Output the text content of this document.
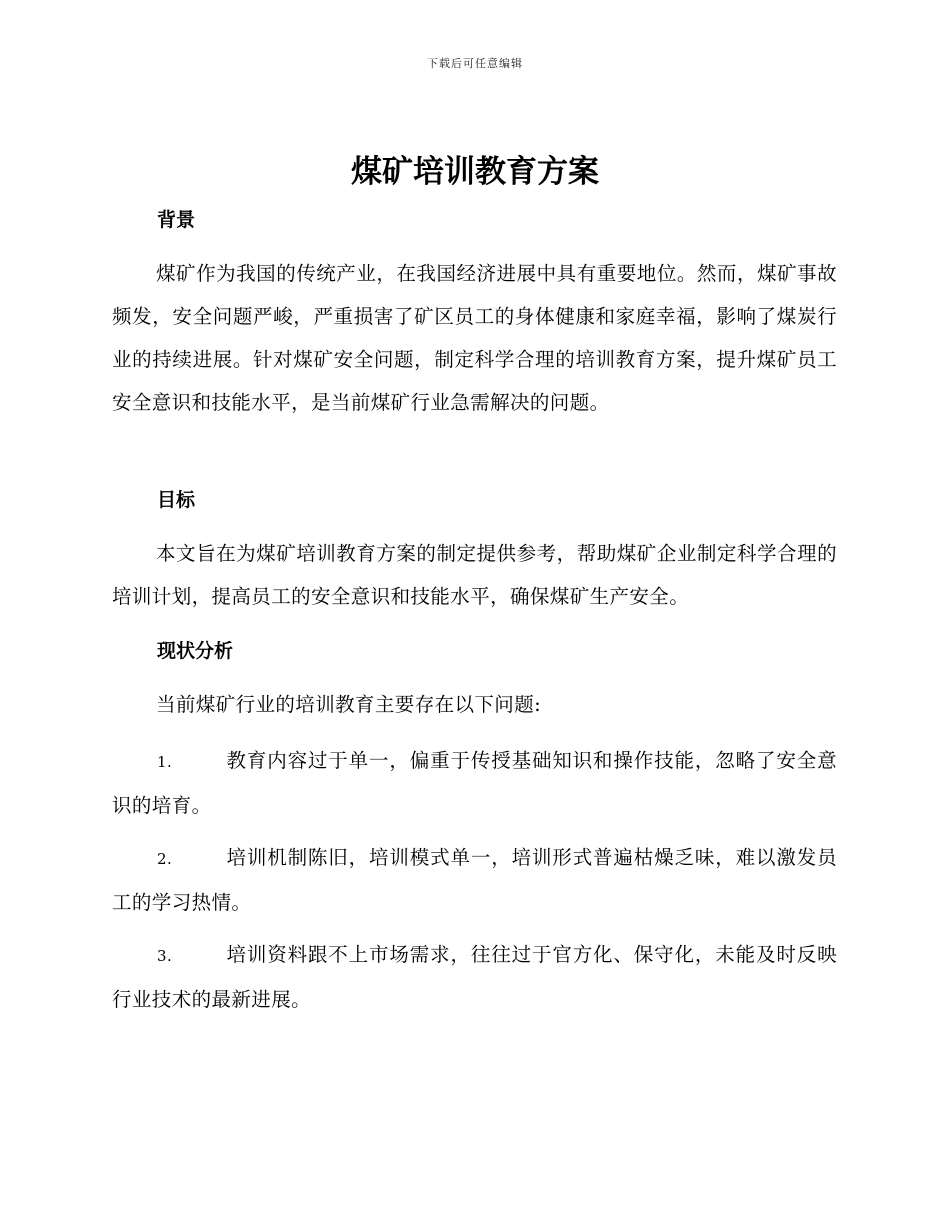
下载后可任意编辑
煤矿培训教育方案
背景

煤矿作为我国的传统产业，在我国经济进展中具有重要地位。然而，煤矿事故频发，安全问题严峻，严重损害了矿区员工的身体健康和家庭幸福，影响了煤炭行业的持续进展。针对煤矿安全问题，制定科学合理的培训教育方案，提升煤矿员工安全意识和技能水平，是当前煤矿行业急需解决的问题。

目标

本文旨在为煤矿培训教育方案的制定提供参考，帮助煤矿企业制定科学合理的培训计划，提高员工的安全意识和技能水平，确保煤矿生产安全。

现状分析

当前煤矿行业的培训教育主要存在以下问题:

1.	教育内容过于单一，偏重于传授基础知识和操作技能，忽略了安全意识的培育。

2.	培训机制陈旧，培训模式单一，培训形式普遍枯燥乏味，难以激发员工的学习热情。

3.	培训资料跟不上市场需求，往往过于官方化、保守化，未能及时反映行业技术的最新进展。
